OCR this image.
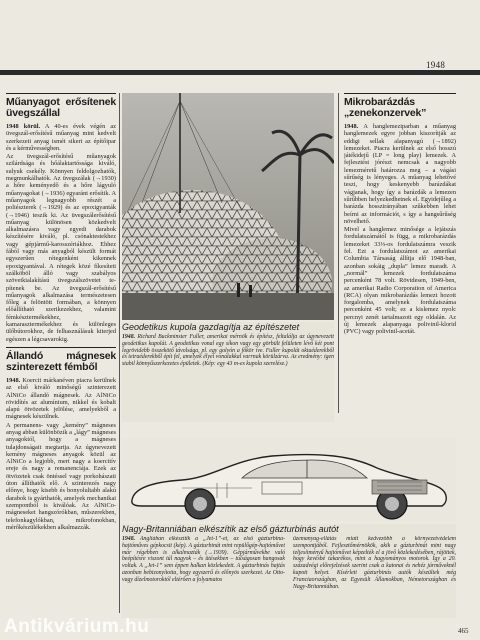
1948
Műanyagot erősítenek üvegszállal

1948 körül. A 40-es évek végén az üvegszál-erősítésű műanyag mint kedvelt szerkezeti anyag ismét sikert az építőipar és a kérművességben.

Az üvegszál-erősítésű műanyagok szilárdsága és hőálaktartóssága kiváló, sulyuk csekély. Könnyen feldolgozhatók, megmunkálhatók. Az üvegszálak (→1930) a hőre keményedő és a hőre lágyuló műanyagokat (→1936) egyaránt erősítik. A műanyagok legnagyobb részét a poliészterek (→1929) és az epoxigyanták (→1946) teszik ki. Az üvegszálerősítésű műanyag különösen közkedvelt alkalmazásra vagy egyedi darabok készítésére kiváló, pl. csónaktestekhez vagy gépjármű-karosszériákhoz. Ehhez fából vagy más anyagból készült formát egyszerűen rétegenként kikennek epoxigyantával. A rétegek közé fíkesíteti szálköböl álló vagy szabályos szövetkialakítású üvegszálszövetet tepítenek be. Az üvegszál-erősítésű műanyagok alkalmazása természetesen főleg a felöntött formában, a könnyen előállítható szerikezekhez, valamint fémkésztermékekhez, kamarasztermékekhez és különleges ülőbútorokhoz, de felhasználásuk kiterjed egészen a légcsavarokig.

Állandó mágnesek szinterezett fémből

1948. Koercit márkanéven piacra kerülnek az első kiváló minőségű szinterezett AlNiCo állandó mágnesek. Az AlNiCo rövidítés az alumínium, nikkel és kobalt alapú ötvözetek jelölése, amelyekből a mágnesek készülnek.

A permanens- vagy „kemény” mágneses anyag abban különbözik a „lágy” mágneses anyagoktól, hogy a mágneses tulajdonságait megtartja. Az úgynevezett kemény mágneses anyagok közül az AlNiCo a legjobb, mert nagy a koercitív ereje és nagy a remanenciája. Ezek az ötvözetek csak öntéssel vagy porkohászati úton állíthatók elő. A szinterezés nagy előnye, hogy kisebb és bonyolultabb alakú darabok is gyárthatók, amelyek mechanikai szempontból is kiválóak. Az AlNiCo-mágneseket hangszórókban, műszerekben, telefonkagylókban, mikrofonokban, mérőkészülékekben alkalmazzák.

Geodetikus kupola gazdagítja az építészetet
1948. Richard Buckminster Fuller, amerikai mérnök és építész, feltalálja az úgynevezett geodetikus kupolát. A geodetikus vonal egy síkon vagy egy görbült felületen lévő két pont legrövidebb összekötő távolsága, pl. egy golyón a főkör íve. Fuller kupolát oktaéderekből és tetraéderekből épít fel, amelyek élyei vonalakkal varrnak körülzárva. Az eredmény: igen stabil könnyűszerkezetes épületek. (Kép: egy 43 m-es kupola szerelése.)
Mikrobarázdás „zenekonzervek”

1948. A hanglemeziparban a műanyag hanglemezek egyre jobban kiszorítják az eddigi sellak alapanyagú (→1892) lemezeket. Piacra kerülnek az első hosszú játékidejű (LP = long play) lemezek. A fejlesztést jórészt nemcsak a nagyobb lemezméretű határozza meg – a vágási sűrűség is lényeges. A műanyag lehetővé teszi, hogy keskenyebb barázdákat vágjanak, hogy így a barázdák a lemezen sűrűbben helyezkedhetnek el. Egyidejűleg a barázda hosszirányában szűkebben lehet beírni az információt, s így a hangsűrűség növelhető.

Mivel a hanglemez minősége a lejátszás fordulatszámától is függ, a mikrobarázdás lemezeket 33⅓-os fordulatszámra veszik fel. Ezt a fordulatszámot az amerikai Columbia Társaság állítja elő 1948-ban, azonban sokáig „dupla” lemez maradt. A „normál” lemezek fordulatszáma percenként 78 volt. Rövidesen, 1949-ben, az amerikai Radio Corporation of America (RCA) olyan mikrobarázdás lemezt hozott forgalomba, amelynek fordulatszáma percenként 45 volt; ez a kislemez nyolc percnyi zenét tartalmazott egy oldalán. Az új lemezek alapanyaga polivinil-klorid (PVC) vagy polivinil-acetát.

Nagy-Britanniában elkészítik az első gázturbinás autót
1948. Angliában elkészítik a „Jet-1”-et, az első gázturbina-hajtóműves gépkocsit (kép). A gázturbinát mint repülőgép-hajtóművet már régebben is alkalmazták (→1939). Gépjárművekbe való beépítésre viszont túl nagyok – és ütésekben – túlságosan hangosak voltak. A „Jet-1” sem éppen halkan közlekedett. A gázturbinás hajtás azonban bebizonyította, hogy egyszerű és előnyös szerkezet. Az Otto- vagy dízelmotoroktól eltérően a folyamatos
üzemanyag-ellátás miatt kedvezőbb a környezetvédelem szempontjából. Fejlesztőmérnökök, akik a gázturbinát mint nagy teljesítményű hajtóművet képzelték el a jövő közlekedésében, rájöttek, hogy kevésbé takarékos, mint a hagyományos motorok. Így a 20. századvégi előrejelzések szerint csak a katonai és nehéz járműveknél kapott helyet. Kísérleti gázturbinás autók készültek még Franciaországban, az Egyesült Államokban, Németországban és Nagy-Britanniában.
465
Antikvárium.hu
